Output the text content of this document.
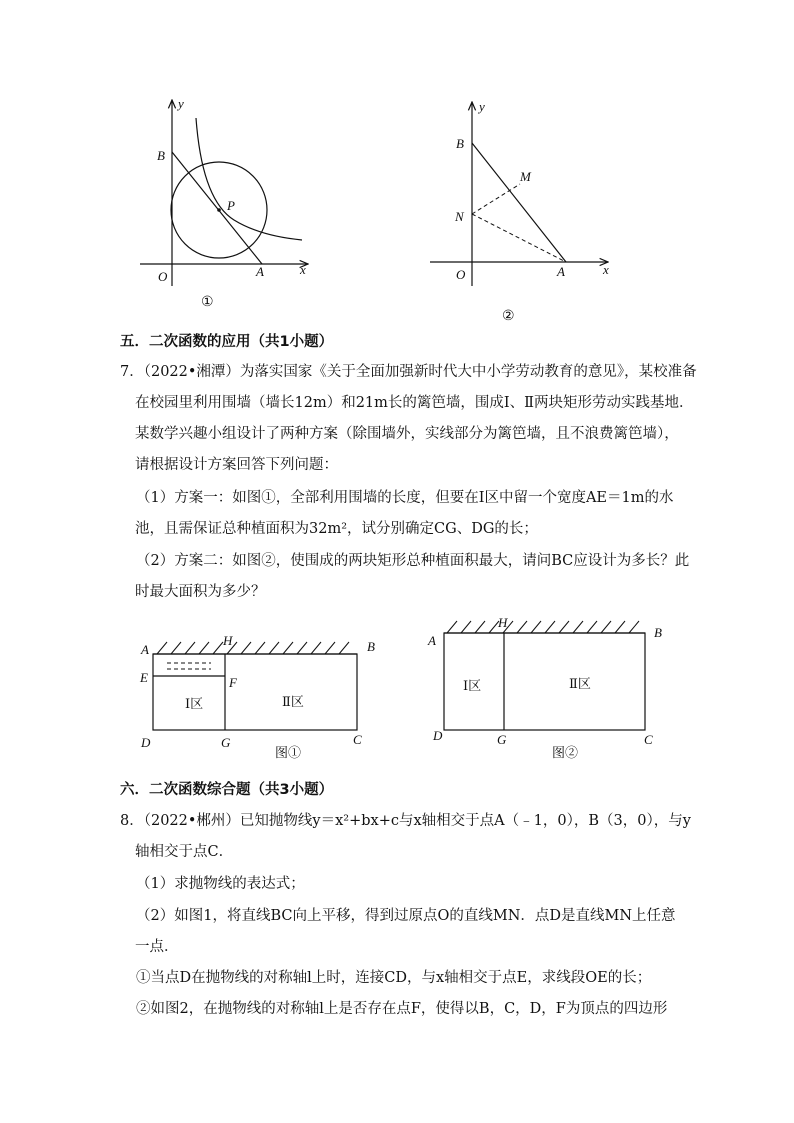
y
x
O	A
B
P
①
y
x
O	A
B
M
N
②
五．二次函数的应用（共1小题）
7．（2022•湘潭）为落实国家《关于全面加强新时代大中小学劳动教育的意见》，某校准备
在校园里利用围墙（墙长12m）和21m长的篱笆墙，围成Ⅰ、Ⅱ两块矩形劳动实践基地．
某数学兴趣小组设计了两种方案（除围墙外，实线部分为篱笆墙，且不浪费篱笆墙），
请根据设计方案回答下列问题：
（1）方案一：如图①，全部利用围墙的长度，但要在Ⅰ区中留一个宽度AE＝1m的水
池，且需保证总种植面积为32m²，试分别确定CG、DG的长；
（2）方案二：如图②，使围成的两块矩形总种植面积最大，请问BC应设计为多长？此
时最大面积为多少？
A
H	B
E	F
D	G	C
Ⅰ区	Ⅱ区
图①
A
H
B
D	G	C
Ⅰ区	Ⅱ区
图②
六．二次函数综合题（共3小题）
8．（2022•郴州）已知抛物线y＝x²+bx+c与x轴相交于点A（﹣1，0），B（3，0），与y
轴相交于点C．
（1）求抛物线的表达式；
（2）如图1，将直线BC向上平移，得到过原点O的直线MN．点D是直线MN上任意
一点．
①当点D在抛物线的对称轴l上时，连接CD，与x轴相交于点E，求线段OE的长；
②如图2，在抛物线的对称轴l上是否存在点F，使得以B，C，D，F为顶点的四边形
